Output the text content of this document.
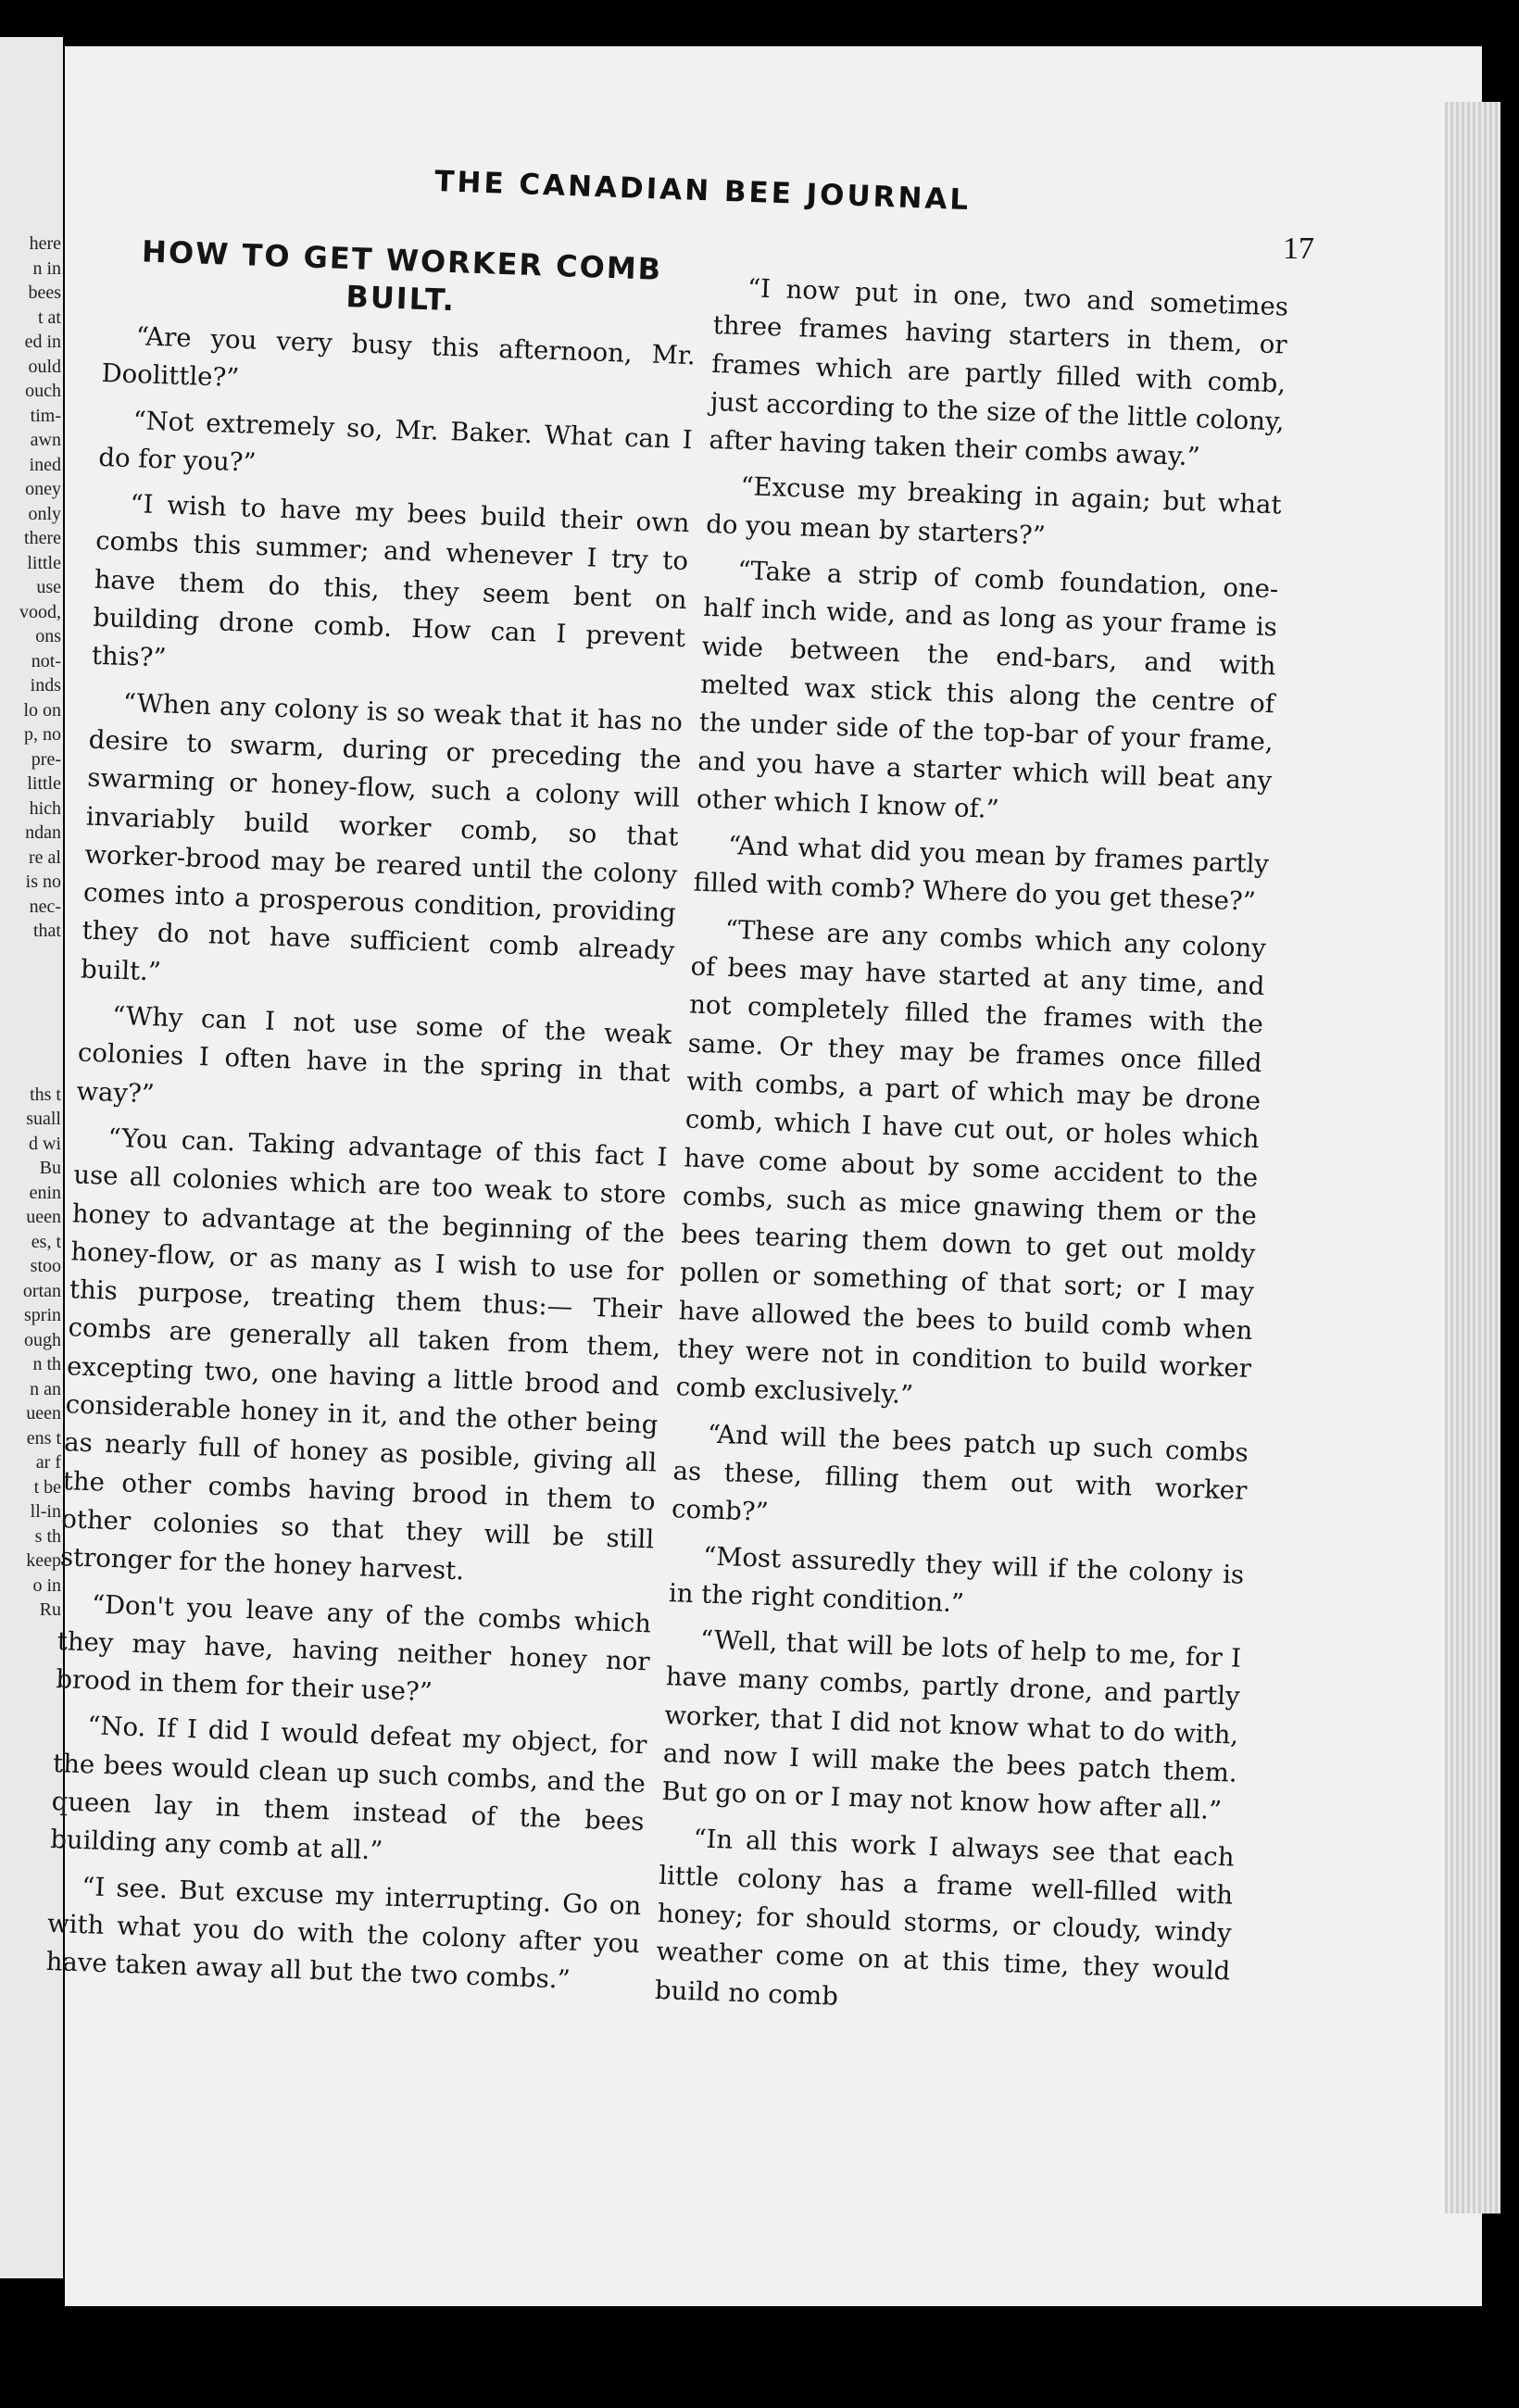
here
n in
bees
t at
ed in
ould
ouch
tim-
awn
ined
oney
only
there
little
use
vood,
ons
not-
inds
lo on
p, no
pre-
little
hich
ndan
re al
is no
nec-
that
ths t
suall
d wi
Bu
enin
ueen
es, t
stoo
ortan
sprin
ough
n th
n an
ueen
ens t
ar f
t be
ll-in
s th
keep
o in
Ru
THE CANADIAN BEE JOURNAL
17
HOW TO GET WORKER COMB BUILT.

“Are you very busy this afternoon, Mr. Doolittle?”

“Not extremely so, Mr. Baker. What can I do for you?”

“I wish to have my bees build their own combs this summer; and whenever I try to have them do this, they seem bent on building drone comb. How can I prevent this?”

“When any colony is so weak that it has no desire to swarm, during or preceding the swarming or honey-flow, such a colony will invariably build worker comb, so that worker-brood may be reared until the colony comes into a prosperous condition, providing they do not have sufficient comb already built.”

“Why can I not use some of the weak colonies I often have in the spring in that way?”

“You can. Taking advantage of this fact I use all colonies which are too weak to store honey to advantage at the beginning of the honey-flow, or as many as I wish to use for this purpose, treating them thus:— Their combs are generally all taken from them, excepting two, one having a little brood and considerable honey in it, and the other being as nearly full of honey as posible, giving all the other combs having brood in them to other colonies so that they will be still stronger for the honey harvest.

“Don't you leave any of the combs which they may have, having neither honey nor brood in them for their use?”

“No. If I did I would defeat my object, for the bees would clean up such combs, and the queen lay in them instead of the bees building any comb at all.”

“I see. But excuse my interrupting. Go on with what you do with the colony after you have taken away all but the two combs.”

“I now put in one, two and sometimes three frames having starters in them, or frames which are partly filled with comb, just according to the size of the little colony, after having taken their combs away.”

“Excuse my breaking in again; but what do you mean by starters?”

“Take a strip of comb foundation, one-half inch wide, and as long as your frame is wide between the end-bars, and with melted wax stick this along the centre of the under side of the top-bar of your frame, and you have a starter which will beat any other which I know of.”

“And what did you mean by frames partly filled with comb? Where do you get these?”

“These are any combs which any colony of bees may have started at any time, and not completely filled the frames with the same. Or they may be frames once filled with combs, a part of which may be drone comb, which I have cut out, or holes which have come about by some accident to the combs, such as mice gnawing them or the bees tearing them down to get out moldy pollen or something of that sort; or I may have allowed the bees to build comb when they were not in condition to build worker comb exclusively.”

“And will the bees patch up such combs as these, filling them out with worker comb?”

“Most assuredly they will if the colony is in the right condition.”

“Well, that will be lots of help to me, for I have many combs, partly drone, and partly worker, that I did not know what to do with, and now I will make the bees patch them. But go on or I may not know how after all.”

“In all this work I always see that each little colony has a frame well-filled with honey; for should storms, or cloudy, windy weather come on at this time, they would build no comb
